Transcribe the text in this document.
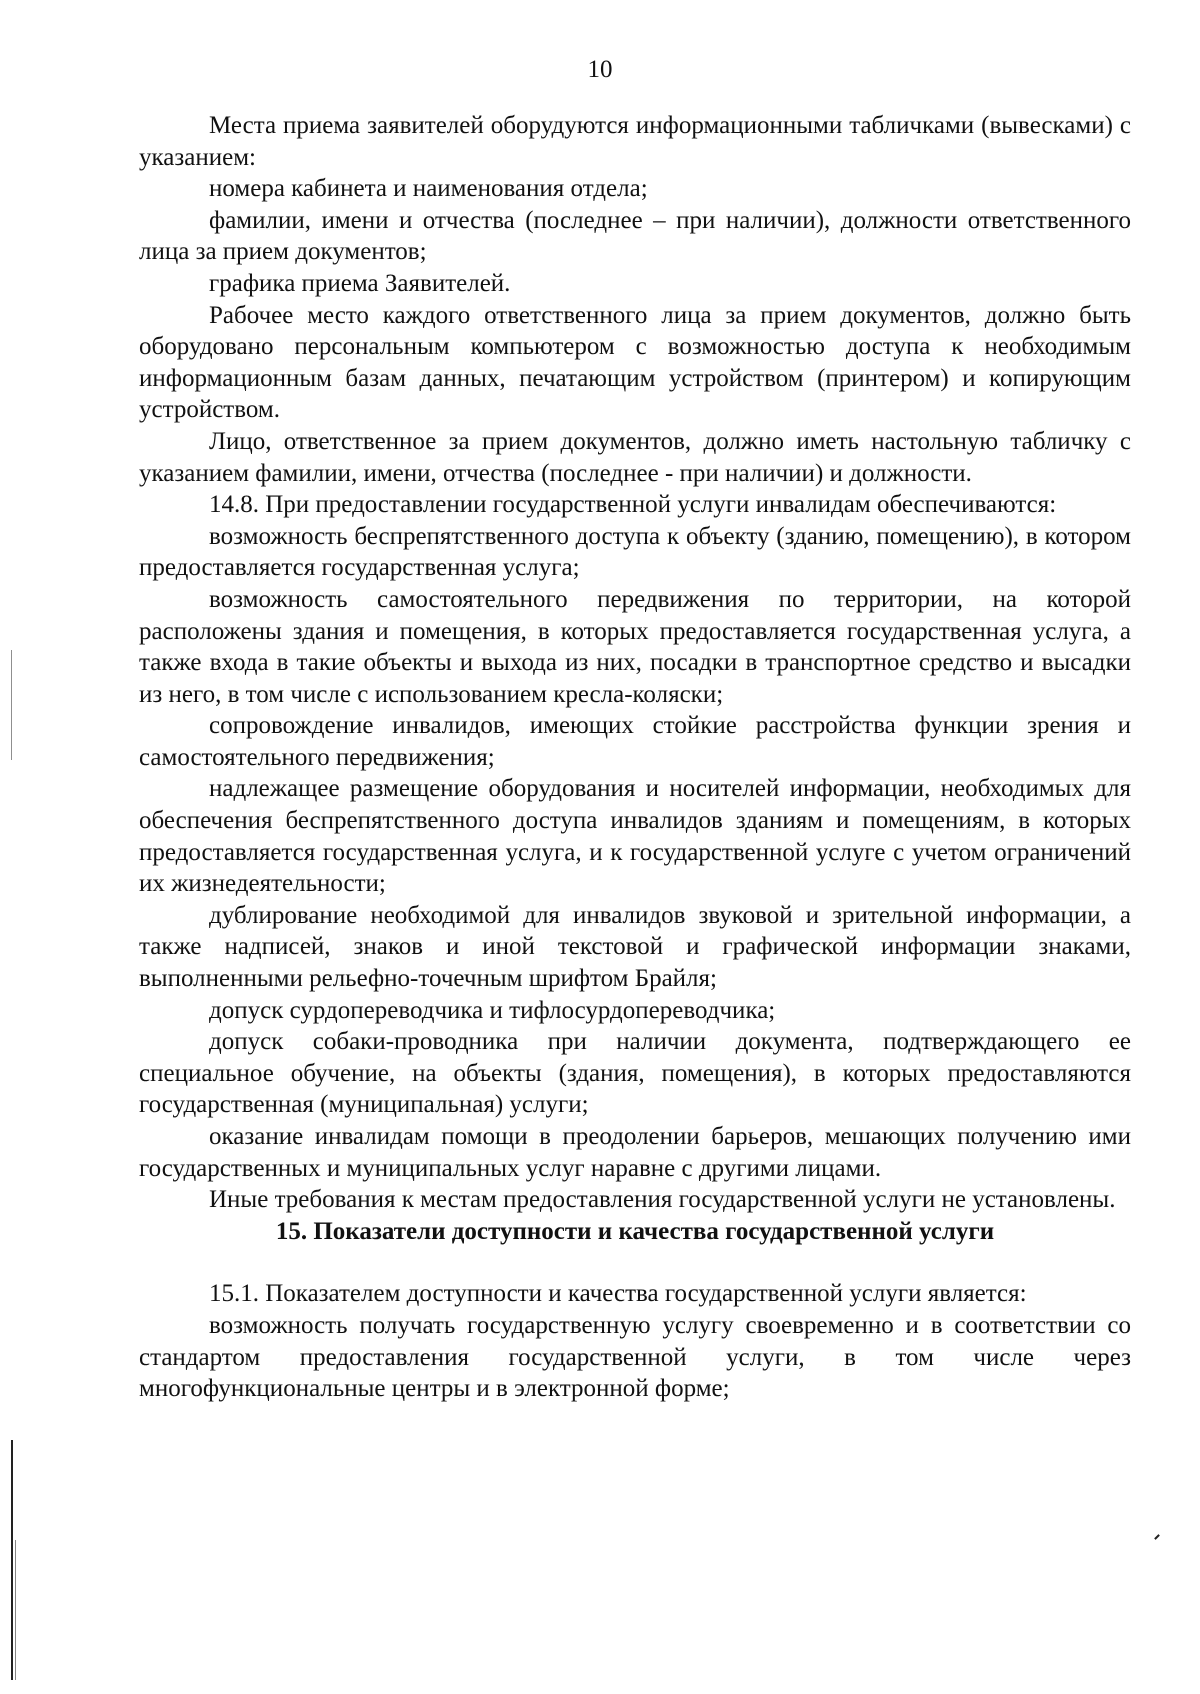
10

Места приема заявителей оборудуются информационными табличками (вывесками) с указанием:

номера кабинета и наименования отдела;

фамилии, имени и отчества (последнее – при наличии), должности ответственного лица за прием документов;

графика приема Заявителей.

Рабочее место каждого ответственного лица за прием документов, должно быть оборудовано персональным компьютером с возможностью доступа к необходимым информационным базам данных, печатающим устройством (принтером) и копирующим устройством.

Лицо, ответственное за прием документов, должно иметь настольную табличку с указанием фамилии, имени, отчества (последнее - при наличии) и должности.

14.8. При предоставлении государственной услуги инвалидам обеспечиваются:

возможность беспрепятственного доступа к объекту (зданию, помещению), в котором предоставляется государственная услуга;

возможность самостоятельного передвижения по территории, на которой расположены здания и помещения, в которых предоставляется государственная услуга, а также входа в такие объекты и выхода из них, посадки в транспортное средство и высадки из него, в том числе с использованием кресла-коляски;

сопровождение инвалидов, имеющих стойкие расстройства функции зрения и самостоятельного передвижения;

надлежащее размещение оборудования и носителей информации, необходимых для обеспечения беспрепятственного доступа инвалидов зданиям и помещениям, в которых предоставляется государственная услуга, и к государственной услуге с учетом ограничений их жизнедеятельности;

дублирование необходимой для инвалидов звуковой и зрительной информации, а также надписей, знаков и иной текстовой и графической информации знаками, выполненными рельефно-точечным шрифтом Брайля;

допуск сурдопереводчика и тифлосурдопереводчика;

допуск собаки-проводника при наличии документа, подтверждающего ее специальное обучение, на объекты (здания, помещения), в которых предоставляются государственная (муниципальная) услуги;

оказание инвалидам помощи в преодолении барьеров, мешающих получению ими государственных и муниципальных услуг наравне с другими лицами.

Иные требования к местам предоставления государственной услуги не установлены.

15. Показатели доступности и качества государственной услуги

15.1. Показателем доступности и качества государственной услуги является:

возможность получать государственную услугу своевременно и в соответствии со стандартом предоставления государственной услуги, в том числе через многофункциональные центры и в электронной форме;
